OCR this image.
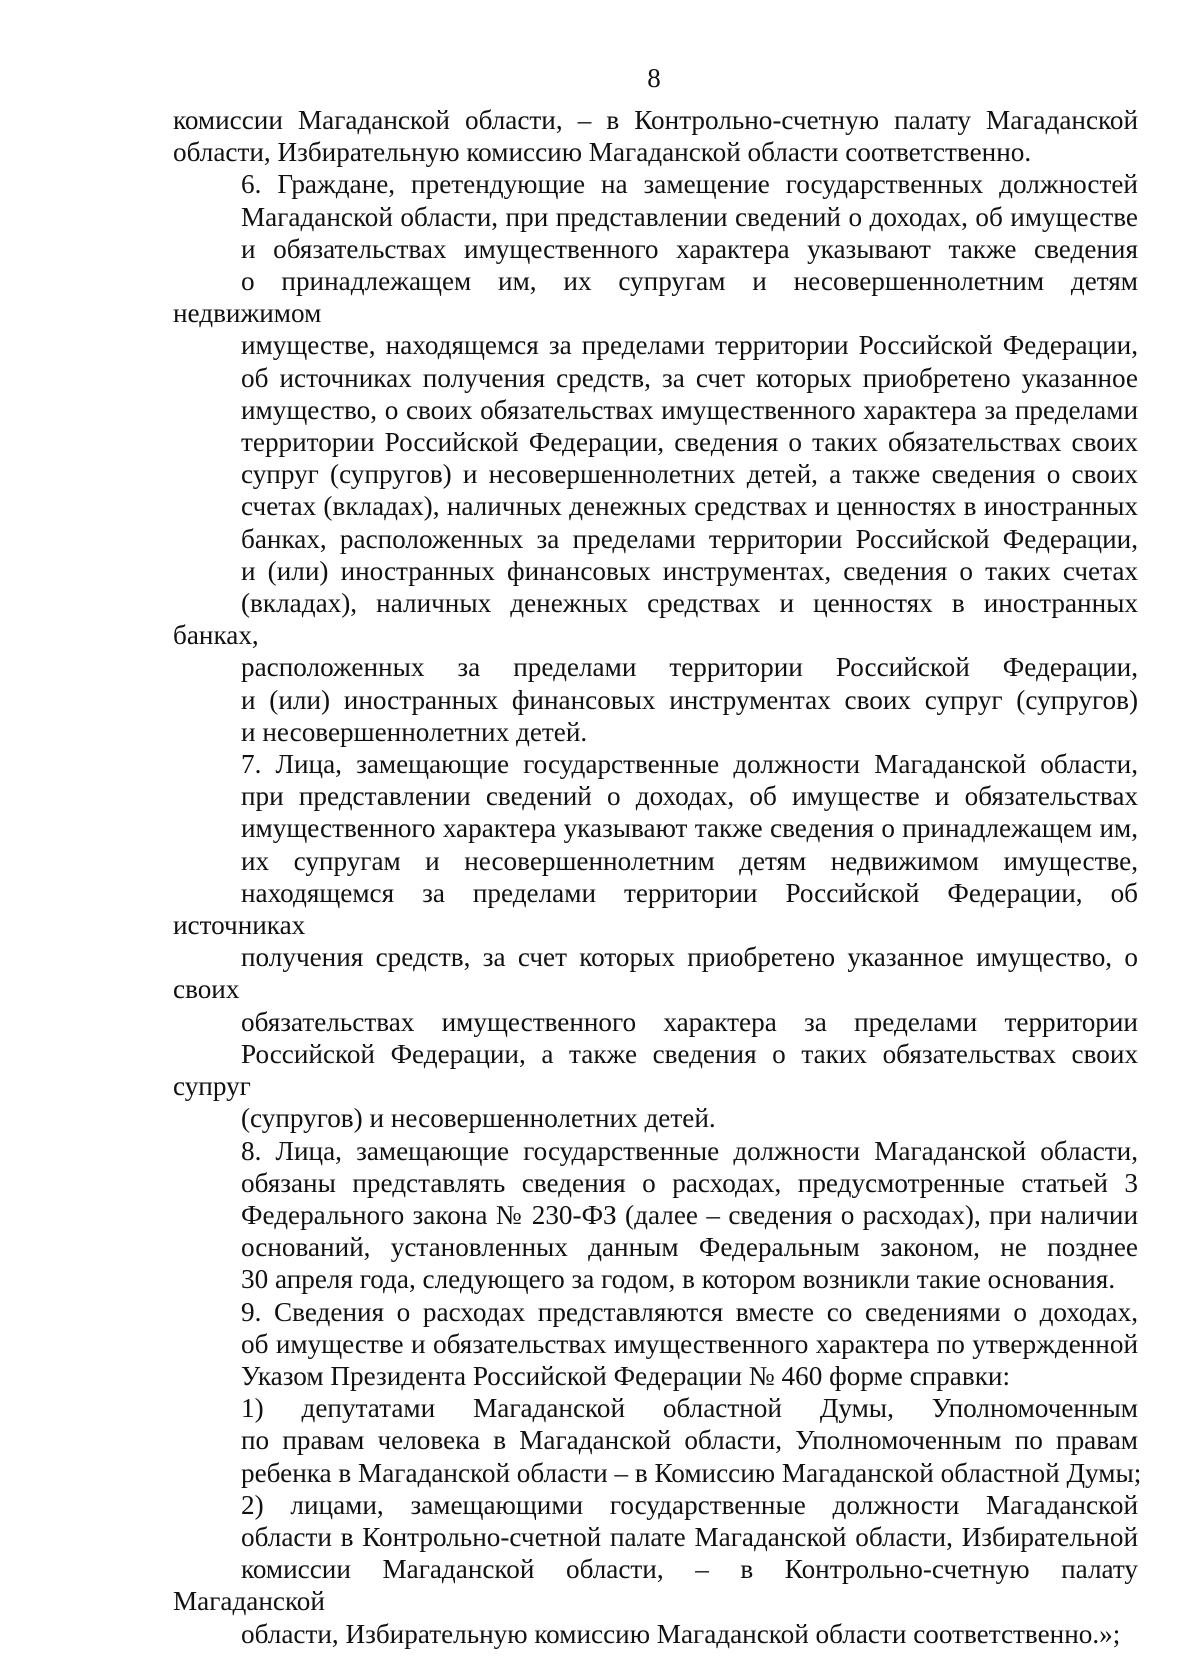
8

комиссии Магаданской области, – в Контрольно-счетную палату Магаданской
области, Избирательную комиссию Магаданской области соответственно.

6. Граждане, претендующие на замещение государственных должностей
Магаданской области, при представлении сведений о доходах, об имуществе
и обязательствах имущественного характера указывают также сведения
о принадлежащем им, их супругам и несовершеннолетним детям недвижимом
имуществе, находящемся за пределами территории Российской Федерации,
об источниках получения средств, за счет которых приобретено указанное
имущество, о своих обязательствах имущественного характера за пределами
территории Российской Федерации, сведения о таких обязательствах своих
супруг (супругов) и несовершеннолетних детей, а также сведения о своих
счетах (вкладах), наличных денежных средствах и ценностях в иностранных
банках, расположенных за пределами территории Российской Федерации,
и (или) иностранных финансовых инструментах, сведения о таких счетах
(вкладах), наличных денежных средствах и ценностях в иностранных банках,
расположенных за пределами территории Российской Федерации,
и (или) иностранных финансовых инструментах своих супруг (супругов)
и несовершеннолетних детей.

7. Лица, замещающие государственные должности Магаданской области,
при представлении сведений о доходах, об имуществе и обязательствах
имущественного характера указывают также сведения о принадлежащем им,
их супругам и несовершеннолетним детям недвижимом имуществе,
находящемся за пределами территории Российской Федерации, об источниках
получения средств, за счет которых приобретено указанное имущество, о своих
обязательствах имущественного характера за пределами территории
Российской Федерации, а также сведения о таких обязательствах своих супруг
(супругов) и несовершеннолетних детей.

8. Лица, замещающие государственные должности Магаданской области,
обязаны представлять сведения о расходах, предусмотренные статьей 3
Федерального закона № 230-ФЗ (далее – сведения о расходах), при наличии
оснований, установленных данным Федеральным законом, не позднее
30 апреля года, следующего за годом, в котором возникли такие основания.

9. Сведения о расходах представляются вместе со сведениями о доходах,
об имуществе и обязательствах имущественного характера по утвержденной
Указом Президента Российской Федерации № 460 форме справки:

1) депутатами Магаданской областной Думы, Уполномоченным
по правам человека в Магаданской области, Уполномоченным по правам
ребенка в Магаданской области – в Комиссию Магаданской областной Думы;

2) лицами, замещающими государственные должности Магаданской
области в Контрольно-счетной палате Магаданской области, Избирательной
комиссии Магаданской области, – в Контрольно-счетную палату Магаданской
области, Избирательную комиссию Магаданской области соответственно.»;
